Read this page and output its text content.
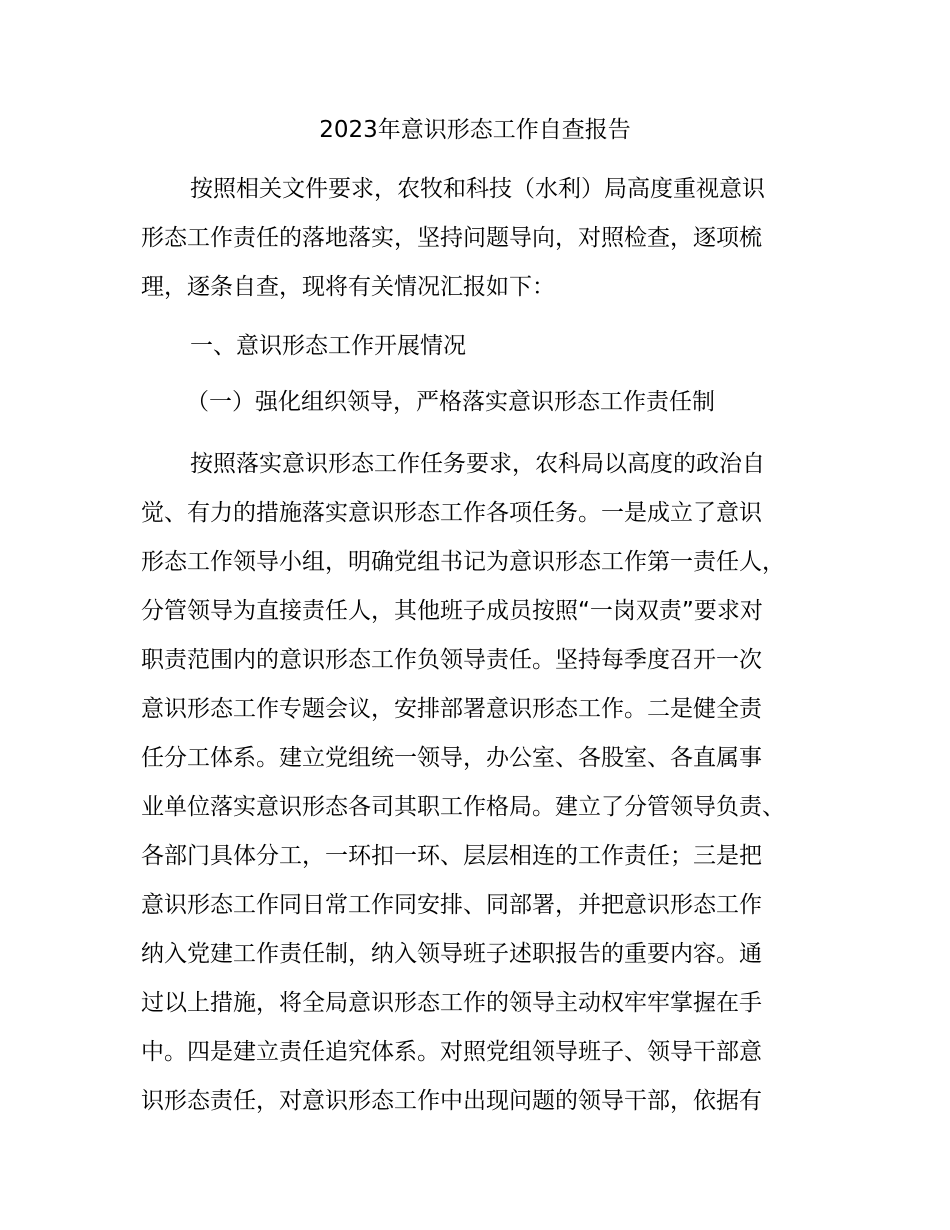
2023年意识形态工作自查报告
按照相关文件要求，农牧和科技（水利）局高度重视意识
形态工作责任的落地落实，坚持问题导向，对照检查，逐项梳
理，逐条自查，现将有关情况汇报如下：
一、意识形态工作开展情况
（一）强化组织领导，严格落实意识形态工作责任制
按照落实意识形态工作任务要求，农科局以高度的政治自
觉、有力的措施落实意识形态工作各项任务。一是成立了意识
形态工作领导小组，明确党组书记为意识形态工作第一责任人，
分管领导为直接责任人，其他班子成员按照“一岗双责”要求对
职责范围内的意识形态工作负领导责任。坚持每季度召开一次
意识形态工作专题会议，安排部署意识形态工作。二是健全责
任分工体系。建立党组统一领导，办公室、各股室、各直属事
业单位落实意识形态各司其职工作格局。建立了分管领导负责、
各部门具体分工，一环扣一环、层层相连的工作责任；三是把
意识形态工作同日常工作同安排、同部署，并把意识形态工作
纳入党建工作责任制，纳入领导班子述职报告的重要内容。通
过以上措施，将全局意识形态工作的领导主动权牢牢掌握在手
中。四是建立责任追究体系。对照党组领导班子、领导干部意
识形态责任，对意识形态工作中出现问题的领导干部，依据有
